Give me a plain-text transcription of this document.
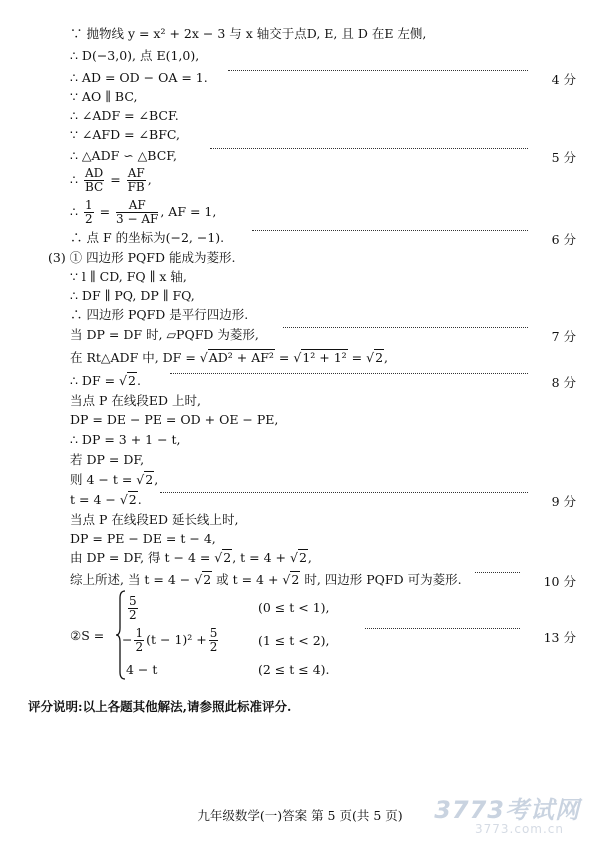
∵ 抛物线 y = x² + 2x − 3 与 x 轴交于点D, E, 且 D 在E 左侧,
∴ D(−3,0), 点 E(1,0),
∴ AD = OD − OA = 1.	4 分
∵ AO ∥ BC,
∴ ∠ADF = ∠BCF.
∵ ∠AFD = ∠BFC,
∴ △ADF ∽ △BCF,	5 分
∴ $\frac{AD}{BC} = \frac{AF}{FB}$ ,
∴ $\frac{1}{2} = \frac{AF}{3 - AF}$ , AF = 1,
∴ 点 F 的坐标为(−2, −1).	6 分
(3) ① 四边形 PQFD 能成为菱形.
∵ l ∥ CD, FQ ∥ x 轴,
∴ DF ∥ PQ, DP ∥ FQ,
∴ 四边形 PQFD 是平行四边形.
当 DP = DF 时, ▱PQFD 为菱形,	7 分
在 Rt△ADF 中, DF = √AD² + AF² = √1² + 1² = √2,
∴ DF = √2.	8 分
当点 P 在线段ED 上时,
DP = DE − PE = OD + OE − PE,
∴ DP = 3 + 1 − t,
若 DP = DF,
则 4 − t = √2,
t = 4 − √2.	9 分
当点 P 在线段ED 延长线上时,
DP = PE − DE = t − 4,
由 DP = DF, 得 t − 4 = √2, t = 4 + √2,
综上所述, 当 t = 4 − √2 或 t = 4 + √2 时, 四边形 PQFD 可为菱形.	10 分
②S =
$\frac{5}{2}$	(0 ≤ t < 1),
− $\frac{1}{2} (t - 1)^2 + \frac{5}{2}$	(1 ≤ t < 2),	13 分
4 − t	(2 ≤ t ≤ 4).
评分说明:以上各题其他解法,请参照此标准评分.
九年级数学(一)答案 第 5 页(共 5 页)	3773考试网
3773.com.cn
